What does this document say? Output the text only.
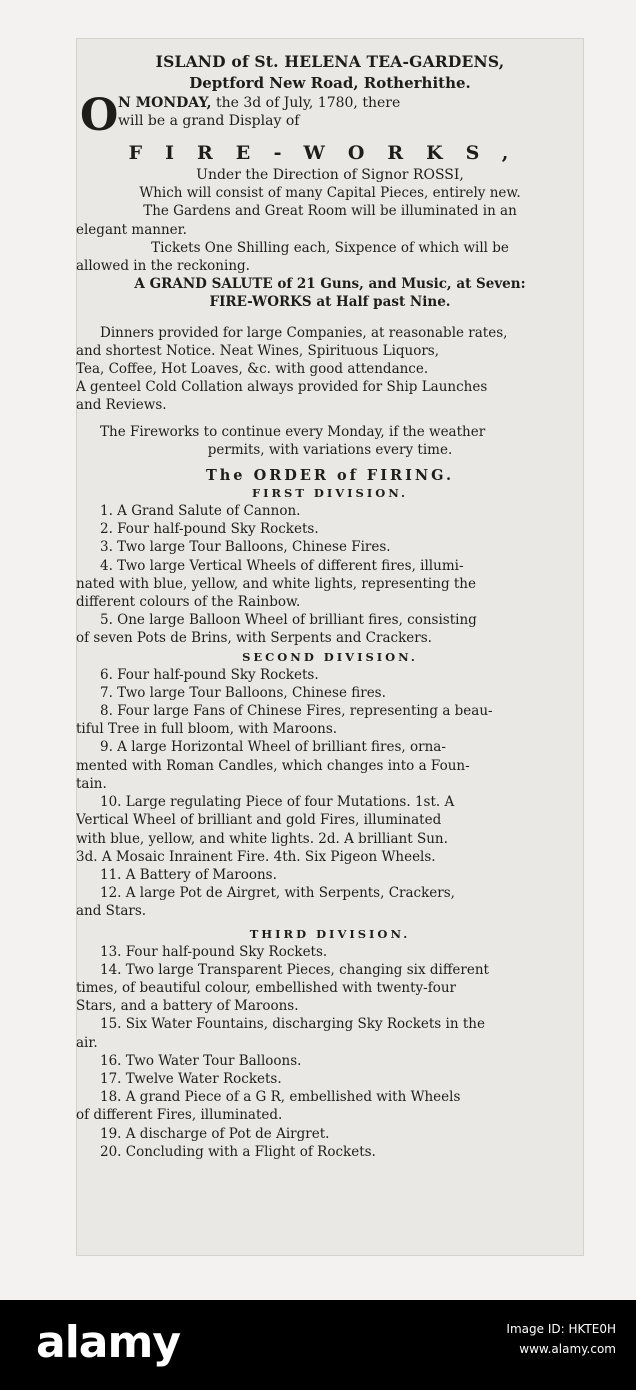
ISLAND of St. HELENA TEA-GARDENS,
Deptford New Road, Rotherhithe.
O N MONDAY, the 3d of July, 1780, there
will be a grand Display of
FIRE-WORKS,
Under the Direction of Signor ROSSI,
Which will consist of many Capital Pieces, entirely new.
The Gardens and Great Room will be illuminated in an
elegant manner.
Tickets One Shilling each, Sixpence of which will be
allowed in the reckoning.
A GRAND SALUTE of 21 Guns, and Music, at Seven:
FIRE-WORKS at Half past Nine.
Dinners provided for large Companies, at reasonable rates,
and shortest Notice. Neat Wines, Spirituous Liquors,
Tea, Coffee, Hot Loaves, &c. with good attendance.
A genteel Cold Collation always provided for Ship Launches
and Reviews.
The Fireworks to continue every Monday, if the weather
permits, with variations every time.
The ORDER of FIRING.
FIRST DIVISION.
1. A Grand Salute of Cannon.
2. Four half-pound Sky Rockets.
3. Two large Tour Balloons, Chinese Fires.
4. Two large Vertical Wheels of different fires, illumi-
nated with blue, yellow, and white lights, representing the
different colours of the Rainbow.
5. One large Balloon Wheel of brilliant fires, consisting
of seven Pots de Brins, with Serpents and Crackers.
SECOND DIVISION.
6. Four half-pound Sky Rockets.
7. Two large Tour Balloons, Chinese fires.
8. Four large Fans of Chinese Fires, representing a beau-
tiful Tree in full bloom, with Maroons.
9. A large Horizontal Wheel of brilliant fires, orna-
mented with Roman Candles, which changes into a Foun-
tain.
10. Large regulating Piece of four Mutations. 1st. A
Vertical Wheel of brilliant and gold Fires, illuminated
with blue, yellow, and white lights. 2d. A brilliant Sun.
3d. A Mosaic Inrainent Fire. 4th. Six Pigeon Wheels.
11. A Battery of Maroons.
12. A large Pot de Airgret, with Serpents, Crackers,
and Stars.
THIRD DIVISION.
13. Four half-pound Sky Rockets.
14. Two large Transparent Pieces, changing six different
times, of beautiful colour, embellished with twenty-four
Stars, and a battery of Maroons.
15. Six Water Fountains, discharging Sky Rockets in the
air.
16. Two Water Tour Balloons.
17. Twelve Water Rockets.
18. A grand Piece of a G R, embellished with Wheels
of different Fires, illuminated.
19. A discharge of Pot de Airgret.
20. Concluding with a Flight of Rockets.
alamy	Image ID: HKTE0H
www.alamy.com
